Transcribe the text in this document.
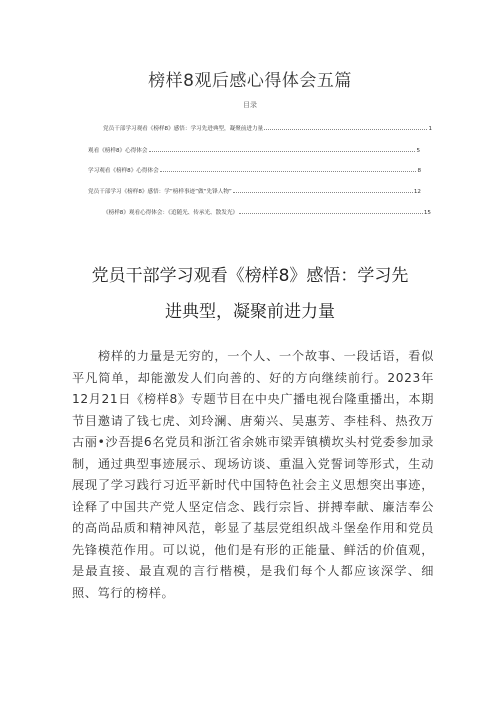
榜样8观后感心得体会五篇
目录
党员干部学习观看《榜样8》感悟：学习先进典型，凝聚前进力量	1
观看《榜样8》心得体会	5
学习观看《榜样8》心得体会	8
党员干部学习《榜样8》感悟：学“榜样事迹”做“先锋人物”	12
《榜样8》观看心得体会：《追随光、传承光、散发光》	15
党员干部学习观看《榜样8》感悟：学习先
进典型，凝聚前进力量
榜样的力量是无穷的，一个人、一个故事、一段话语，看似平凡简单，却能激发人们向善的、好的方向继续前行。2023年12月21日《榜样8》专题节目在中央广播电视台隆重播出，本期节目邀请了钱七虎、刘玲澜、唐菊兴、吴惠芳、李桂科、热孜万古丽•沙吾提6名党员和浙江省余姚市梁弄镇横坎头村党委参加录制，通过典型事迹展示、现场访谈、重温入党誓词等形式，生动展现了学习践行习近平新时代中国特色社会主义思想突出事迹，诠释了中国共产党人坚定信念、践行宗旨、拼搏奉献、廉洁奉公的高尚品质和精神风范，彰显了基层党组织战斗堡垒作用和党员先锋模范作用。可以说，他们是有形的正能量、鲜活的价值观，是最直接、最直观的言行楷模，是我们每个人都应该深学、细照、笃行的榜样。
